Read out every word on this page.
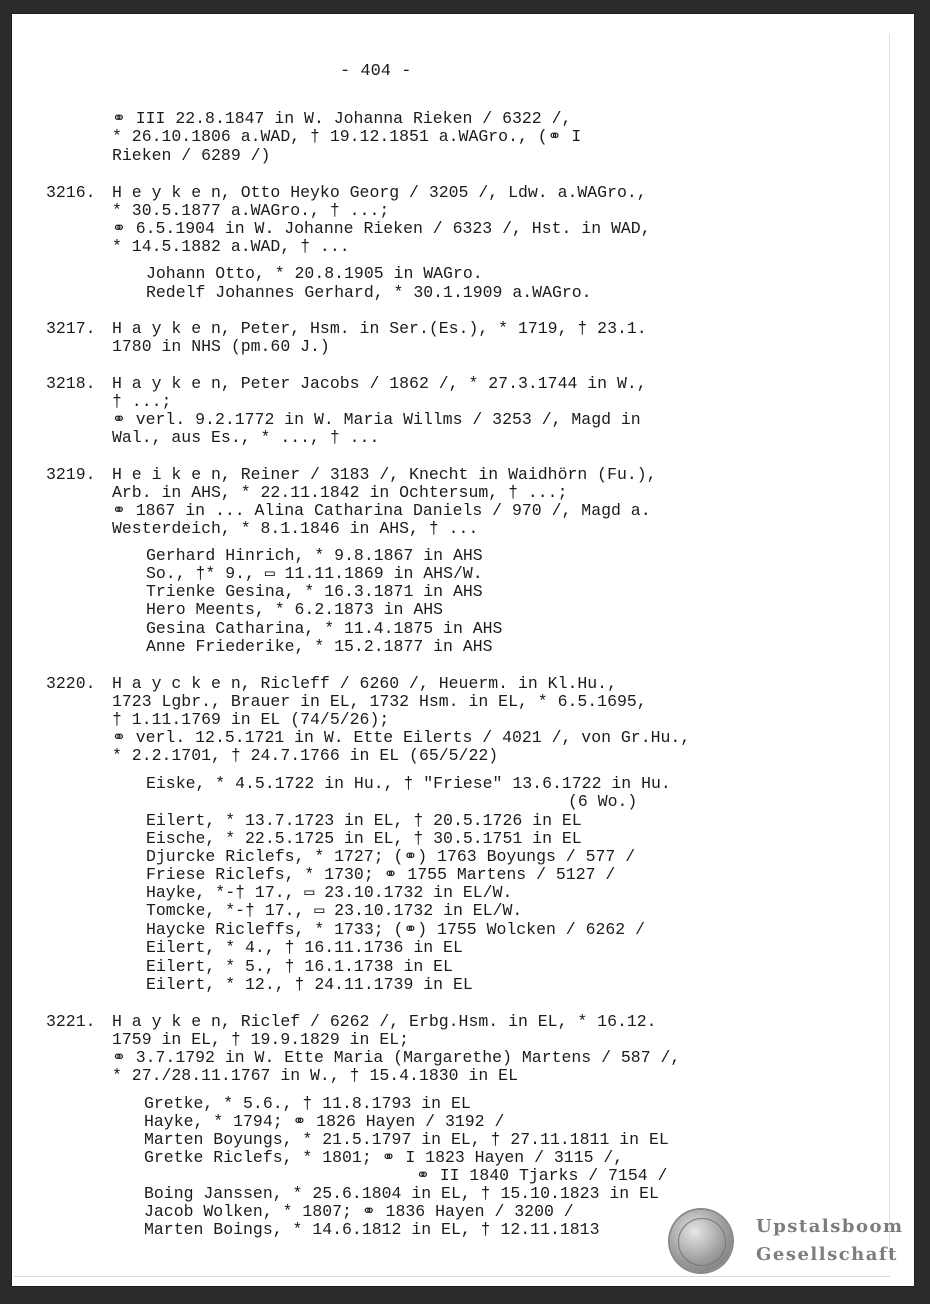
- 404 -
⚭ III 22.8.1847 in W. Johanna Rieken / 6322 /,
* 26.10.1806 a.WAD, † 19.12.1851 a.WAGro., (⚭ I
Rieken / 6289 /)
H e y k e n, Otto Heyko Georg / 3205 /, Ldw. a.WAGro.,
* 30.5.1877 a.WAGro., † ...;
⚭ 6.5.1904 in W. Johanne Rieken / 6323 /, Hst. in WAD,
* 14.5.1882 a.WAD, † ...
Johann Otto, * 20.8.1905 in WAGro.
Redelf Johannes Gerhard, * 30.1.1909 a.WAGro.
H a y k e n, Peter, Hsm. in Ser.(Es.), * 1719, † 23.1.
1780 in NHS (pm.60 J.)
H a y k e n, Peter Jacobs / 1862 /, * 27.3.1744 in W.,
† ...;
⚭ verl. 9.2.1772 in W. Maria Willms / 3253 /, Magd in
Wal., aus Es., * ..., † ...
H e i k e n, Reiner / 3183 /, Knecht in Waidhörn (Fu.),
Arb. in AHS, * 22.11.1842 in Ochtersum, † ...;
⚭ 1867 in ... Alina Catharina Daniels / 970 /, Magd a.
Westerdeich, * 8.1.1846 in AHS, † ...
Gerhard Hinrich, * 9.8.1867 in AHS
So., †* 9., ▭ 11.11.1869 in AHS/W.
Trienke Gesina, * 16.3.1871 in AHS
Hero Meents, * 6.2.1873 in AHS
Gesina Catharina, * 11.4.1875 in AHS
Anne Friederike, * 15.2.1877 in AHS
H a y c k e n, Ricleff / 6260 /, Heuerm. in Kl.Hu.,
1723 Lgbr., Brauer in EL, 1732 Hsm. in EL, * 6.5.1695,
† 1.11.1769 in EL (74/5/26);
⚭ verl. 12.5.1721 in W. Ette Eilerts / 4021 /, von Gr.Hu.,
* 2.2.1701, † 24.7.1766 in EL (65/5/22)
Eiske, * 4.5.1722 in Hu., † "Friese" 13.6.1722 in Hu.
(6 Wo.)
Eilert, * 13.7.1723 in EL, † 20.5.1726 in EL
Eische, * 22.5.1725 in EL, † 30.5.1751 in EL
Djurcke Riclefs, * 1727; (⚭) 1763 Boyungs / 577 /
Friese Riclefs, * 1730; ⚭ 1755 Martens / 5127 /
Hayke, *-† 17., ▭ 23.10.1732 in EL/W.
Tomcke, *-† 17., ▭ 23.10.1732 in EL/W.
Haycke Ricleffs, * 1733; (⚭) 1755 Wolcken / 6262 /
Eilert, * 4., † 16.11.1736 in EL
Eilert, * 5., † 16.1.1738 in EL
Eilert, * 12., † 24.11.1739 in EL
H a y k e n, Riclef / 6262 /, Erbg.Hsm. in EL, * 16.12.
1759 in EL, † 19.9.1829 in EL;
⚭ 3.7.1792 in W. Ette Maria (Margarethe) Martens / 587 /,
* 27./28.11.1767 in W., † 15.4.1830 in EL
Gretke, * 5.6., † 11.8.1793 in EL
Hayke, * 1794; ⚭ 1826 Hayen / 3192 /
Marten Boyungs, * 21.5.1797 in EL, † 27.11.1811 in EL
Gretke Riclefs, * 1801; ⚭ I 1823 Hayen / 3115 /,
⚭ II 1840 Tjarks / 7154 /
Boing Janssen, * 25.6.1804 in EL, † 15.10.1823 in EL
Jacob Wolken, * 1807; ⚭ 1836 Hayen / 3200 /
Marten Boings, * 14.6.1812 in EL, † 12.11.1813
3216.
3217.
3218.
3219.
3220.
3221.
Upstalsboom
Gesellschaft
